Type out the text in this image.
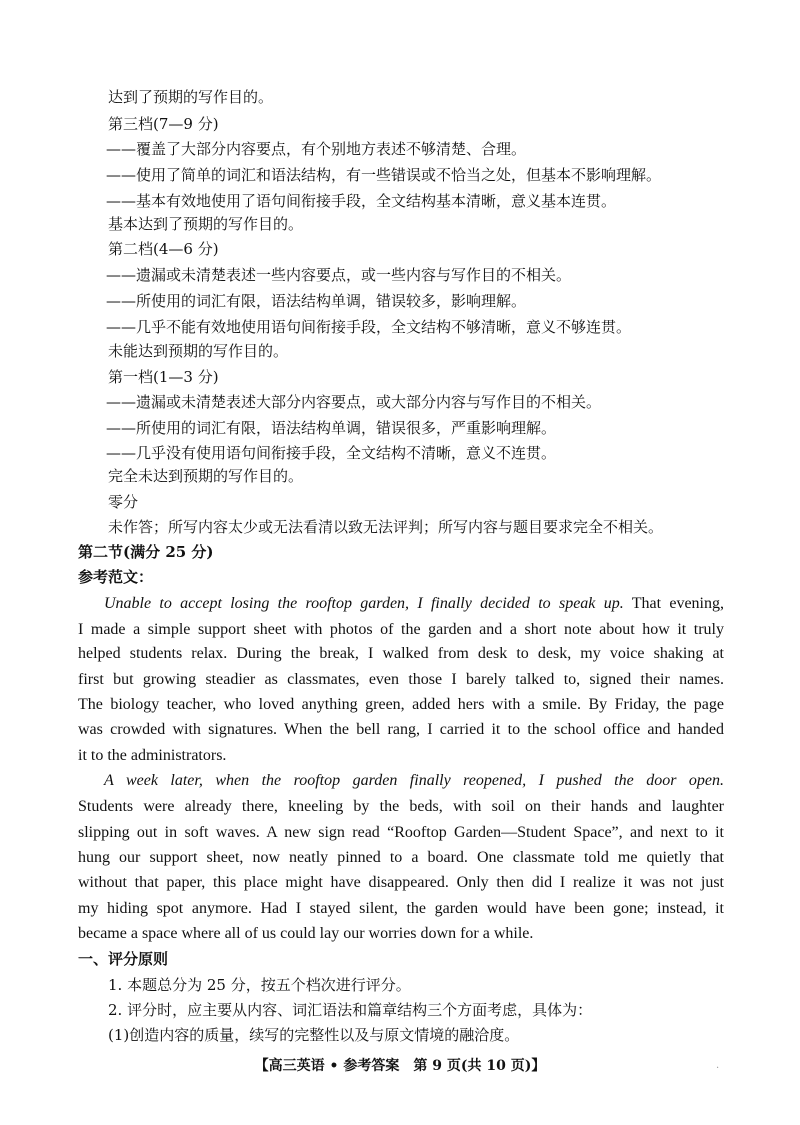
达到了预期的写作目的。
第三档(7—9 分)
——覆盖了大部分内容要点，有个别地方表述不够清楚、合理。
——使用了简单的词汇和语法结构，有一些错误或不恰当之处，但基本不影响理解。
——基本有效地使用了语句间衔接手段，全文结构基本清晰，意义基本连贯。
基本达到了预期的写作目的。
第二档(4—6 分)
——遗漏或未清楚表述一些内容要点，或一些内容与写作目的不相关。
——所使用的词汇有限，语法结构单调，错误较多，影响理解。
——几乎不能有效地使用语句间衔接手段，全文结构不够清晰，意义不够连贯。
未能达到预期的写作目的。
第一档(1—3 分)
——遗漏或未清楚表述大部分内容要点，或大部分内容与写作目的不相关。
——所使用的词汇有限，语法结构单调，错误很多，严重影响理解。
——几乎没有使用语句间衔接手段，全文结构不清晰，意义不连贯。
完全未达到预期的写作目的。
零分
未作答；所写内容太少或无法看清以致无法评判；所写内容与题目要求完全不相关。
第二节(满分 25 分)
参考范文：
Unable to accept losing the rooftop garden, I finally decided to speak up. That evening,
I made a simple support sheet with photos of the garden and a short note about how it truly
helped students relax. During the break, I walked from desk to desk, my voice shaking at
first but growing steadier as classmates, even those I barely talked to, signed their names.
The biology teacher, who loved anything green, added hers with a smile. By Friday, the page
was crowded with signatures. When the bell rang, I carried it to the school office and handed
it to the administrators.
A week later, when the rooftop garden finally reopened, I pushed the door open.
Students were already there, kneeling by the beds, with soil on their hands and laughter
slipping out in soft waves. A new sign read “Rooftop Garden—Student Space”, and next to it
hung our support sheet, now neatly pinned to a board. One classmate told me quietly that
without that paper, this place might have disappeared. Only then did I realize it was not just
my hiding spot anymore. Had I stayed silent, the garden would have been gone; instead, it
became a space where all of us could lay our worries down for a while.
一、评分原则
1. 本题总分为 25 分，按五个档次进行评分。
2. 评分时，应主要从内容、词汇语法和篇章结构三个方面考虑，具体为：
(1)创造内容的质量，续写的完整性以及与原文情境的融洽度。
【高三英语 • 参考答案　第 9 页(共 10 页)】	.
